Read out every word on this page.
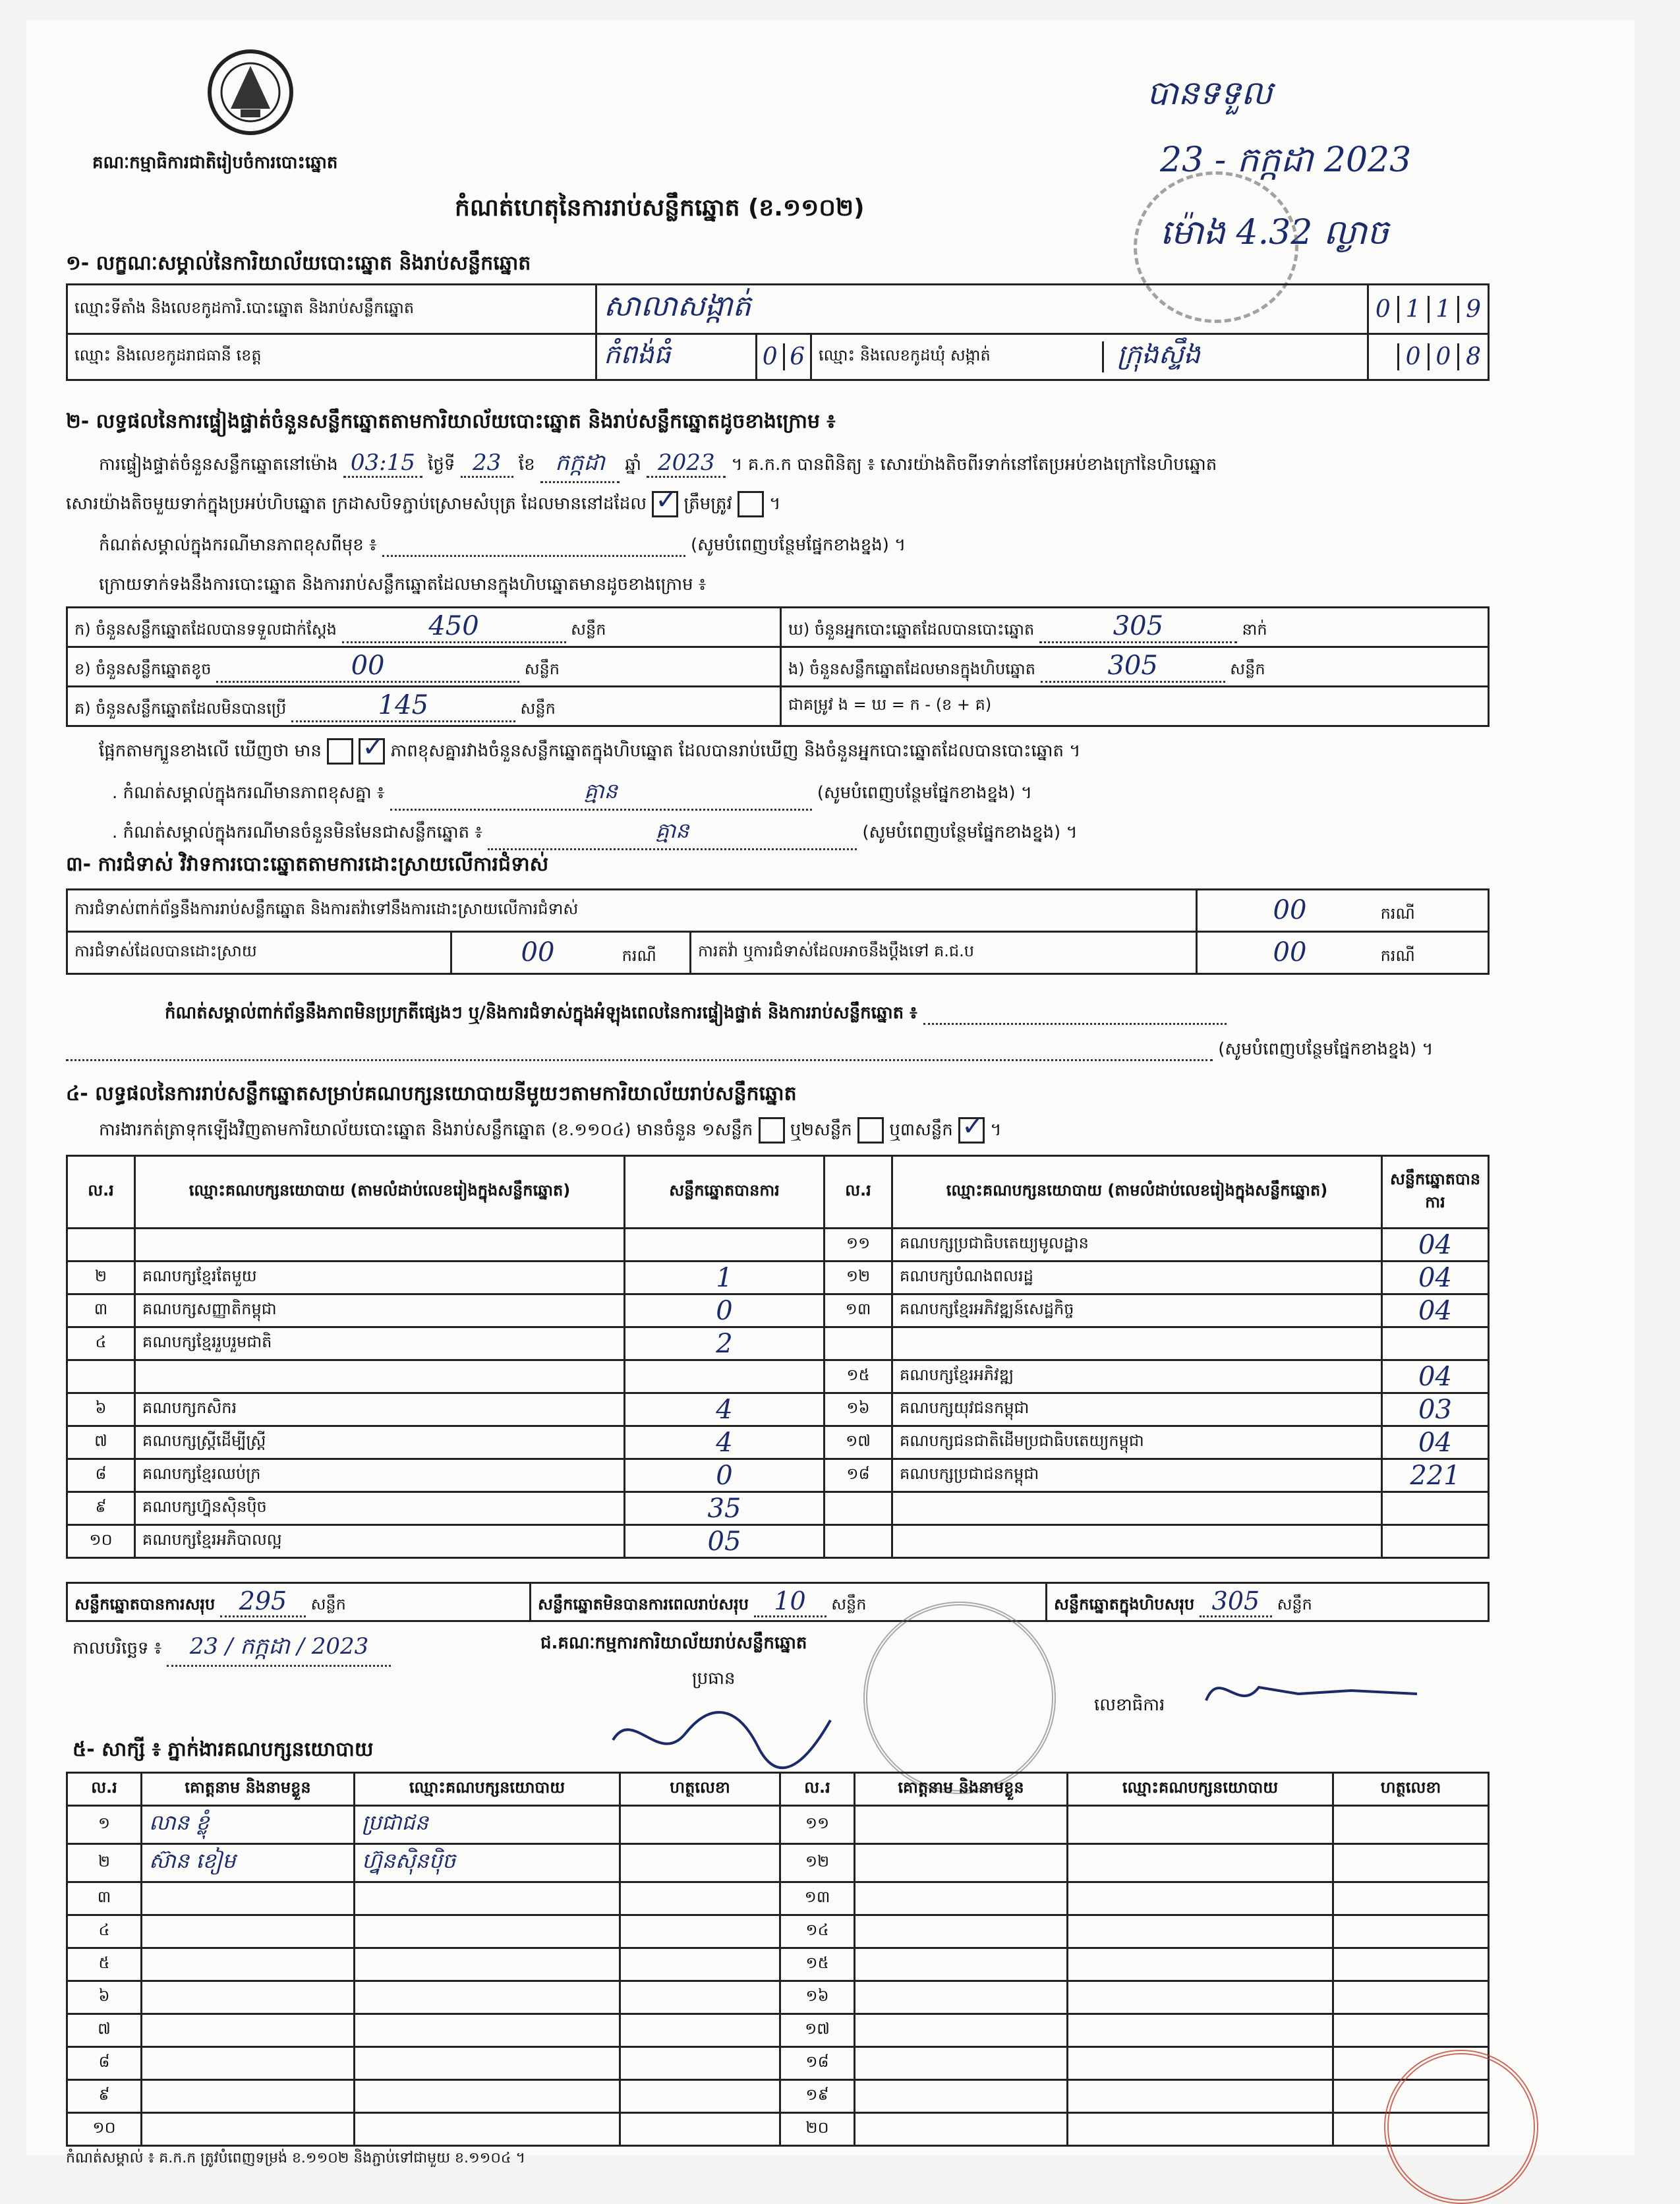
គណៈកម្មាធិការជាតិរៀបចំការបោះឆ្នោត
កំណត់ហេតុនៃការរាប់សន្លឹកឆ្នោត (ខ.១១០២)
បានទទួល
23 - កក្កដា 2023
ម៉ោង 4.32 ល្ងាច
១- លក្ខណៈសម្គាល់នៃការិយាល័យបោះឆ្នោត និងរាប់សន្លឹកឆ្នោត
ឈ្មោះទីតាំង និងលេខកូដការិ.បោះឆ្នោត និងរាប់សន្លឹកឆ្នោត	សាលាសង្កាត់			0 1 1 9

ឈ្មោះ និងលេខកូដរាជធានី ខេត្ត	កំពង់ធំ	0 6	ឈ្មោះ និងលេខកូដឃុំ សង្កាត់ ក្រុងស្ទឹង	0 0 8
២- លទ្ធផលនៃការផ្ទៀងផ្ទាត់ចំនួនសន្លឹកឆ្នោតតាមការិយាល័យបោះឆ្នោត និងរាប់សន្លឹកឆ្នោតដូចខាងក្រោម ៖
ការផ្ទៀងផ្ទាត់ចំនួនសន្លឹកឆ្នោតនៅម៉ោង 03:15 ថ្ងៃទី 23 ខែ កក្កដា ឆ្នាំ 2023 ។ គ.ក.ក បានពិនិត្យ ៖ សោរយ៉ាងតិចពីរទាក់នៅតែប្រអប់ខាងក្រៅនៃហិបឆ្នោត
សោរយ៉ាងតិចមួយទាក់ក្នុងប្រអប់ហិបឆ្នោត ក្រដាសបិទភ្ជាប់ស្រោមសំបុត្រ ដែលមាននៅដដែល ✓ ត្រឹមត្រូវ  ។
កំណត់សម្គាល់ក្នុងករណីមានភាពខុសពីមុខ ៖	(សូមបំពេញបន្ថែមផ្នែកខាងខ្នង) ។
ក្រោយទាក់ទងនឹងការបោះឆ្នោត និងការរាប់សន្លឹកឆ្នោតដែលមានក្នុងហិបឆ្នោតមានដូចខាងក្រោម ៖
ក) ចំនួនសន្លឹកឆ្នោតដែលបានទទួលជាក់ស្តែង 450 សន្លឹក	ឃ) ចំនួនអ្នកបោះឆ្នោតដែលបានបោះឆ្នោត 305 នាក់
ខ) ចំនួនសន្លឹកឆ្នោតខូច 00 សន្លឹក	ង) ចំនួនសន្លឹកឆ្នោតដែលមានក្នុងហិបឆ្នោត 305 សន្លឹក
គ) ចំនួនសន្លឹកឆ្នោតដែលមិនបានប្រើ 145 សន្លឹក	ជាគម្រូវ ង = ឃ = ក - (ខ + គ)
ផ្អែកតាមក្បួនខាងលើ ឃើញថា មាន ✓	ភាពខុសគ្នារវាងចំនួនសន្លឹកឆ្នោតក្នុងហិបឆ្នោត ដែលបានរាប់ឃើញ និងចំនួនអ្នកបោះឆ្នោតដែលបានបោះឆ្នោត ។
. កំណត់សម្គាល់ក្នុងករណីមានភាពខុសគ្នា ៖	គ្មាន	(សូមបំពេញបន្ថែមផ្នែកខាងខ្នង) ។
. កំណត់សម្គាល់ក្នុងករណីមានចំនួនមិនមែនជាសន្លឹកឆ្នោត ៖	គ្មាន	(សូមបំពេញបន្ថែមផ្នែកខាងខ្នង) ។
៣- ការជំទាស់ វិវាទការបោះឆ្នោតតាមការដោះស្រាយលើការជំទាស់
ការជំទាស់ពាក់ព័ន្ធនឹងការរាប់សន្លឹកឆ្នោត និងការតវ៉ាទៅនឹងការដោះស្រាយលើការជំទាស់			00 ករណី
ការជំទាស់ដែលបានដោះស្រាយ	00 ករណី	ការតវ៉ា ឬការជំទាស់ដែលអាចនឹងប្តឹងទៅ គ.ជ.ប	00 ករណី
កំណត់សម្គាល់ពាក់ព័ន្ធនឹងភាពមិនប្រក្រតីផ្សេងៗ ឬ/និងការជំទាស់ក្នុងអំឡុងពេលនៃការផ្ទៀងផ្ទាត់ និងការរាប់សន្លឹកឆ្នោត ៖
(សូមបំពេញបន្ថែមផ្នែកខាងខ្នង) ។
៤- លទ្ធផលនៃការរាប់សន្លឹកឆ្នោតសម្រាប់គណបក្សនយោបាយនីមួយៗតាមការិយាល័យរាប់សន្លឹកឆ្នោត
ការងារកត់ត្រាទុកឡើងវិញតាមការិយាល័យបោះឆ្នោត និងរាប់សន្លឹកឆ្នោត (ខ.១១០៤) មានចំនួន ១សន្លឹក ឬ២សន្លឹក ឬ៣សន្លឹក ✓ ។
ល.រ	ឈ្មោះគណបក្សនយោបាយ (តាមលំដាប់លេខរៀងក្នុងសន្លឹកឆ្នោត)	សន្លឹកឆ្នោតបានការ	ល.រ	ឈ្មោះគណបក្សនយោបាយ (តាមលំដាប់លេខរៀងក្នុងសន្លឹកឆ្នោត)	សន្លឹកឆ្នោតបានការ
			១១	គណបក្សប្រជាធិបតេយ្យមូលដ្ឋាន	04
២	គណបក្សខ្មែរតែមួយ	1	១២	គណបក្សបំណងពលរដ្ឋ	04
៣	គណបក្សសញ្ញាតិកម្ពុជា	0	១៣	គណបក្សខ្មែរអភិវឌ្ឍន៍សេដ្ឋកិច្ច	04
៤	គណបក្សខ្មែររួបរួមជាតិ	2			
			១៥	គណបក្សខ្មែរអភិវឌ្ឍ	04
៦	គណបក្សកសិករ	4	១៦	គណបក្សយុវជនកម្ពុជា	03
៧	គណបក្សស្ត្រីដើម្បីស្ត្រី	4	១៧	គណបក្សជនជាតិដើមប្រជាធិបតេយ្យកម្ពុជា	04
៨	គណបក្សខ្មែរឈប់ក្រ	0	១៨	គណបក្សប្រជាជនកម្ពុជា	221
៩	គណបក្សហ្វ៊ុនស៊ិនប៉ិច	35			
១០	គណបក្សខ្មែរអភិបាលល្អ	05			
សន្លឹកឆ្នោតបានការសរុប 295 សន្លឹក	សន្លឹកឆ្នោតមិនបានការពេលរាប់សរុប 10 សន្លឹក	សន្លឹកឆ្នោតក្នុងហិបសរុប 305 សន្លឹក
កាលបរិច្ឆេទ ៖ 23 / កក្កដា / 2023	ជ.គណៈកម្មការការិយាល័យរាប់សន្លឹកឆ្នោត
ប្រធាន
លេខាធិការ
៥- សាក្សី ៖ ភ្នាក់ងារគណបក្សនយោបាយ
ល.រ	គោត្តនាម និងនាមខ្លួន	ឈ្មោះគណបក្សនយោបាយ	ហត្ថលេខា	ល.រ	គោត្តនាម និងនាមខ្លួន	ឈ្មោះគណបក្សនយោបាយ	ហត្ថលេខា
១	លាន ខ្លុំ	ប្រជាជន		១១			
២	ស៊ាន ខៀម	ហ្វ៊ុនស៊ិនប៉ិច		១២			
៣				១៣			
៤				១៤			
៥				១៥			
៦				១៦			
៧				១៧			
៨				១៨			
៩				១៩			
១០				២០			
កំណត់សម្គាល់ ៖ គ.ក.ក ត្រូវបំពេញទម្រង់ ខ.១១០២ និងភ្ជាប់ទៅជាមួយ ខ.១១០៤ ។
